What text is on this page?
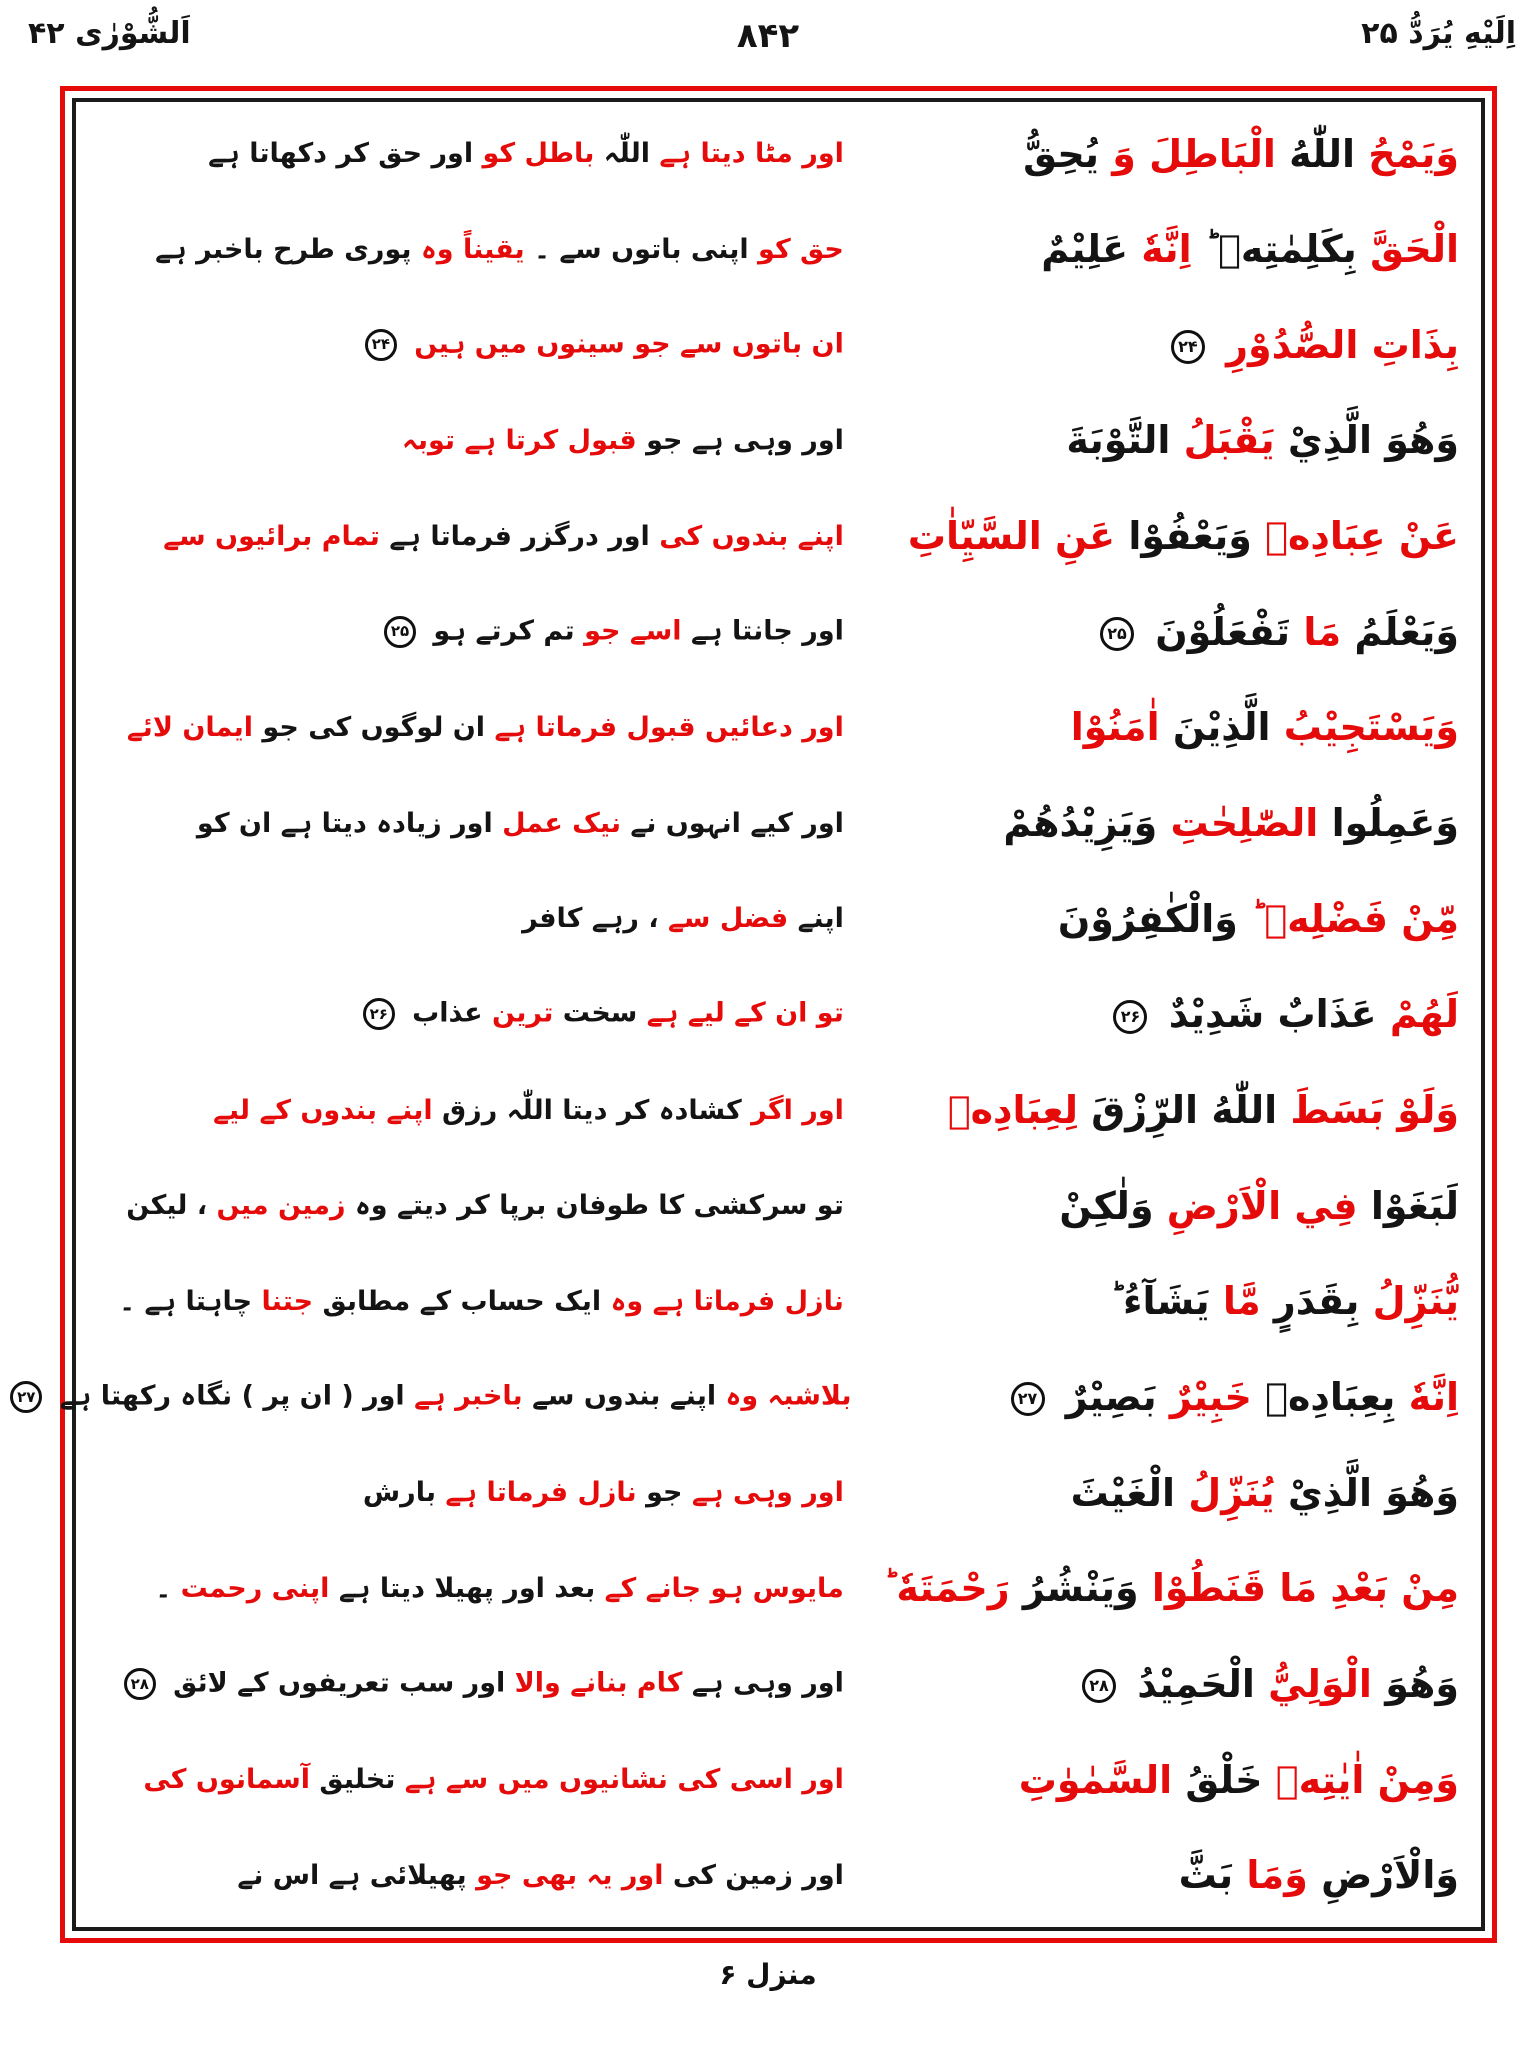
اِلَيْهِ يُرَدُّ ۲۵
۸۴۲
اَلشُّوْرٰى ۴۲
وَيَمْحُ اللّٰهُ الْبَاطِلَ وَ يُحِقُّ
اور مٹا دیتا ہے اللّٰہ باطل کو اور حق کر دکھاتا ہے
الْحَقَّ بِكَلِمٰتِهٖ ؕ اِنَّهٗ عَلِيْمٌ
حق کو اپنی باتوں سے ۔ یقیناً وہ پوری طرح باخبر ہے
بِذَاتِ الصُّدُوْرِ ۲۴
ان باتوں سے جو سینوں میں ہیں ۲۴
وَهُوَ الَّذِيْ يَقْبَلُ التَّوْبَةَ
اور وہی ہے جو قبول کرتا ہے توبہ
عَنْ عِبَادِهٖ وَيَعْفُوْا عَنِ السَّيِّاٰتِ
اپنے بندوں کی اور درگزر فرماتا ہے تمام برائیوں سے
وَيَعْلَمُ مَا تَفْعَلُوْنَ ۲۵
اور جانتا ہے اسے جو تم کرتے ہو ۲۵
وَيَسْتَجِيْبُ الَّذِيْنَ اٰمَنُوْا
اور دعائیں قبول فرماتا ہے ان لوگوں کی جو ایمان لائے
وَعَمِلُوا الصّٰلِحٰتِ وَيَزِيْدُهُمْ
اور کیے انہوں نے نیک عمل اور زیادہ دیتا ہے ان کو
مِّنْ فَضْلِهٖ ؕ وَالْكٰفِرُوْنَ
اپنے فضل سے ، رہے کافر
لَهُمْ عَذَابٌ شَدِيْدٌ ۲۶
تو ان کے لیے ہے سخت ترین عذاب ۲۶
وَلَوْ بَسَطَ اللّٰهُ الرِّزْقَ لِعِبَادِهٖ
اور اگر کشادہ کر دیتا اللّٰہ رزق اپنے بندوں کے لیے
لَبَغَوْا فِي الْاَرْضِ وَلٰكِنْ
تو سرکشی کا طوفان برپا کر دیتے وہ زمین میں ، لیکن
يُّنَزِّلُ بِقَدَرٍ مَّا يَشَآءُ ؕ
نازل فرماتا ہے وہ ایک حساب کے مطابق جتنا چاہتا ہے ۔
اِنَّهٗ بِعِبَادِهٖ خَبِيْرٌ بَصِيْرٌ ۲۷
بلاشبہ وہ اپنے بندوں سے باخبر ہے اور ( ان پر ) نگاہ رکھتا ہے ۲۷
وَهُوَ الَّذِيْ يُنَزِّلُ الْغَيْثَ
اور وہی ہے جو نازل فرماتا ہے بارش
مِنْ بَعْدِ مَا قَنَطُوْا وَيَنْشُرُ رَحْمَتَهٗ ؕ
مایوس ہو جانے کے بعد اور پھیلا دیتا ہے اپنی رحمت ۔
وَهُوَ الْوَلِيُّ الْحَمِيْدُ ۲۸
اور وہی ہے کام بنانے والا اور سب تعریفوں کے لائق ۲۸
وَمِنْ اٰيٰتِهٖ خَلْقُ السَّمٰوٰتِ
اور اسی کی نشانیوں میں سے ہے تخلیق آسمانوں کی
وَالْاَرْضِ وَمَا بَثَّ
اور زمین کی اور یہ بھی جو پھیلائی ہے اس نے
منزل ۶
